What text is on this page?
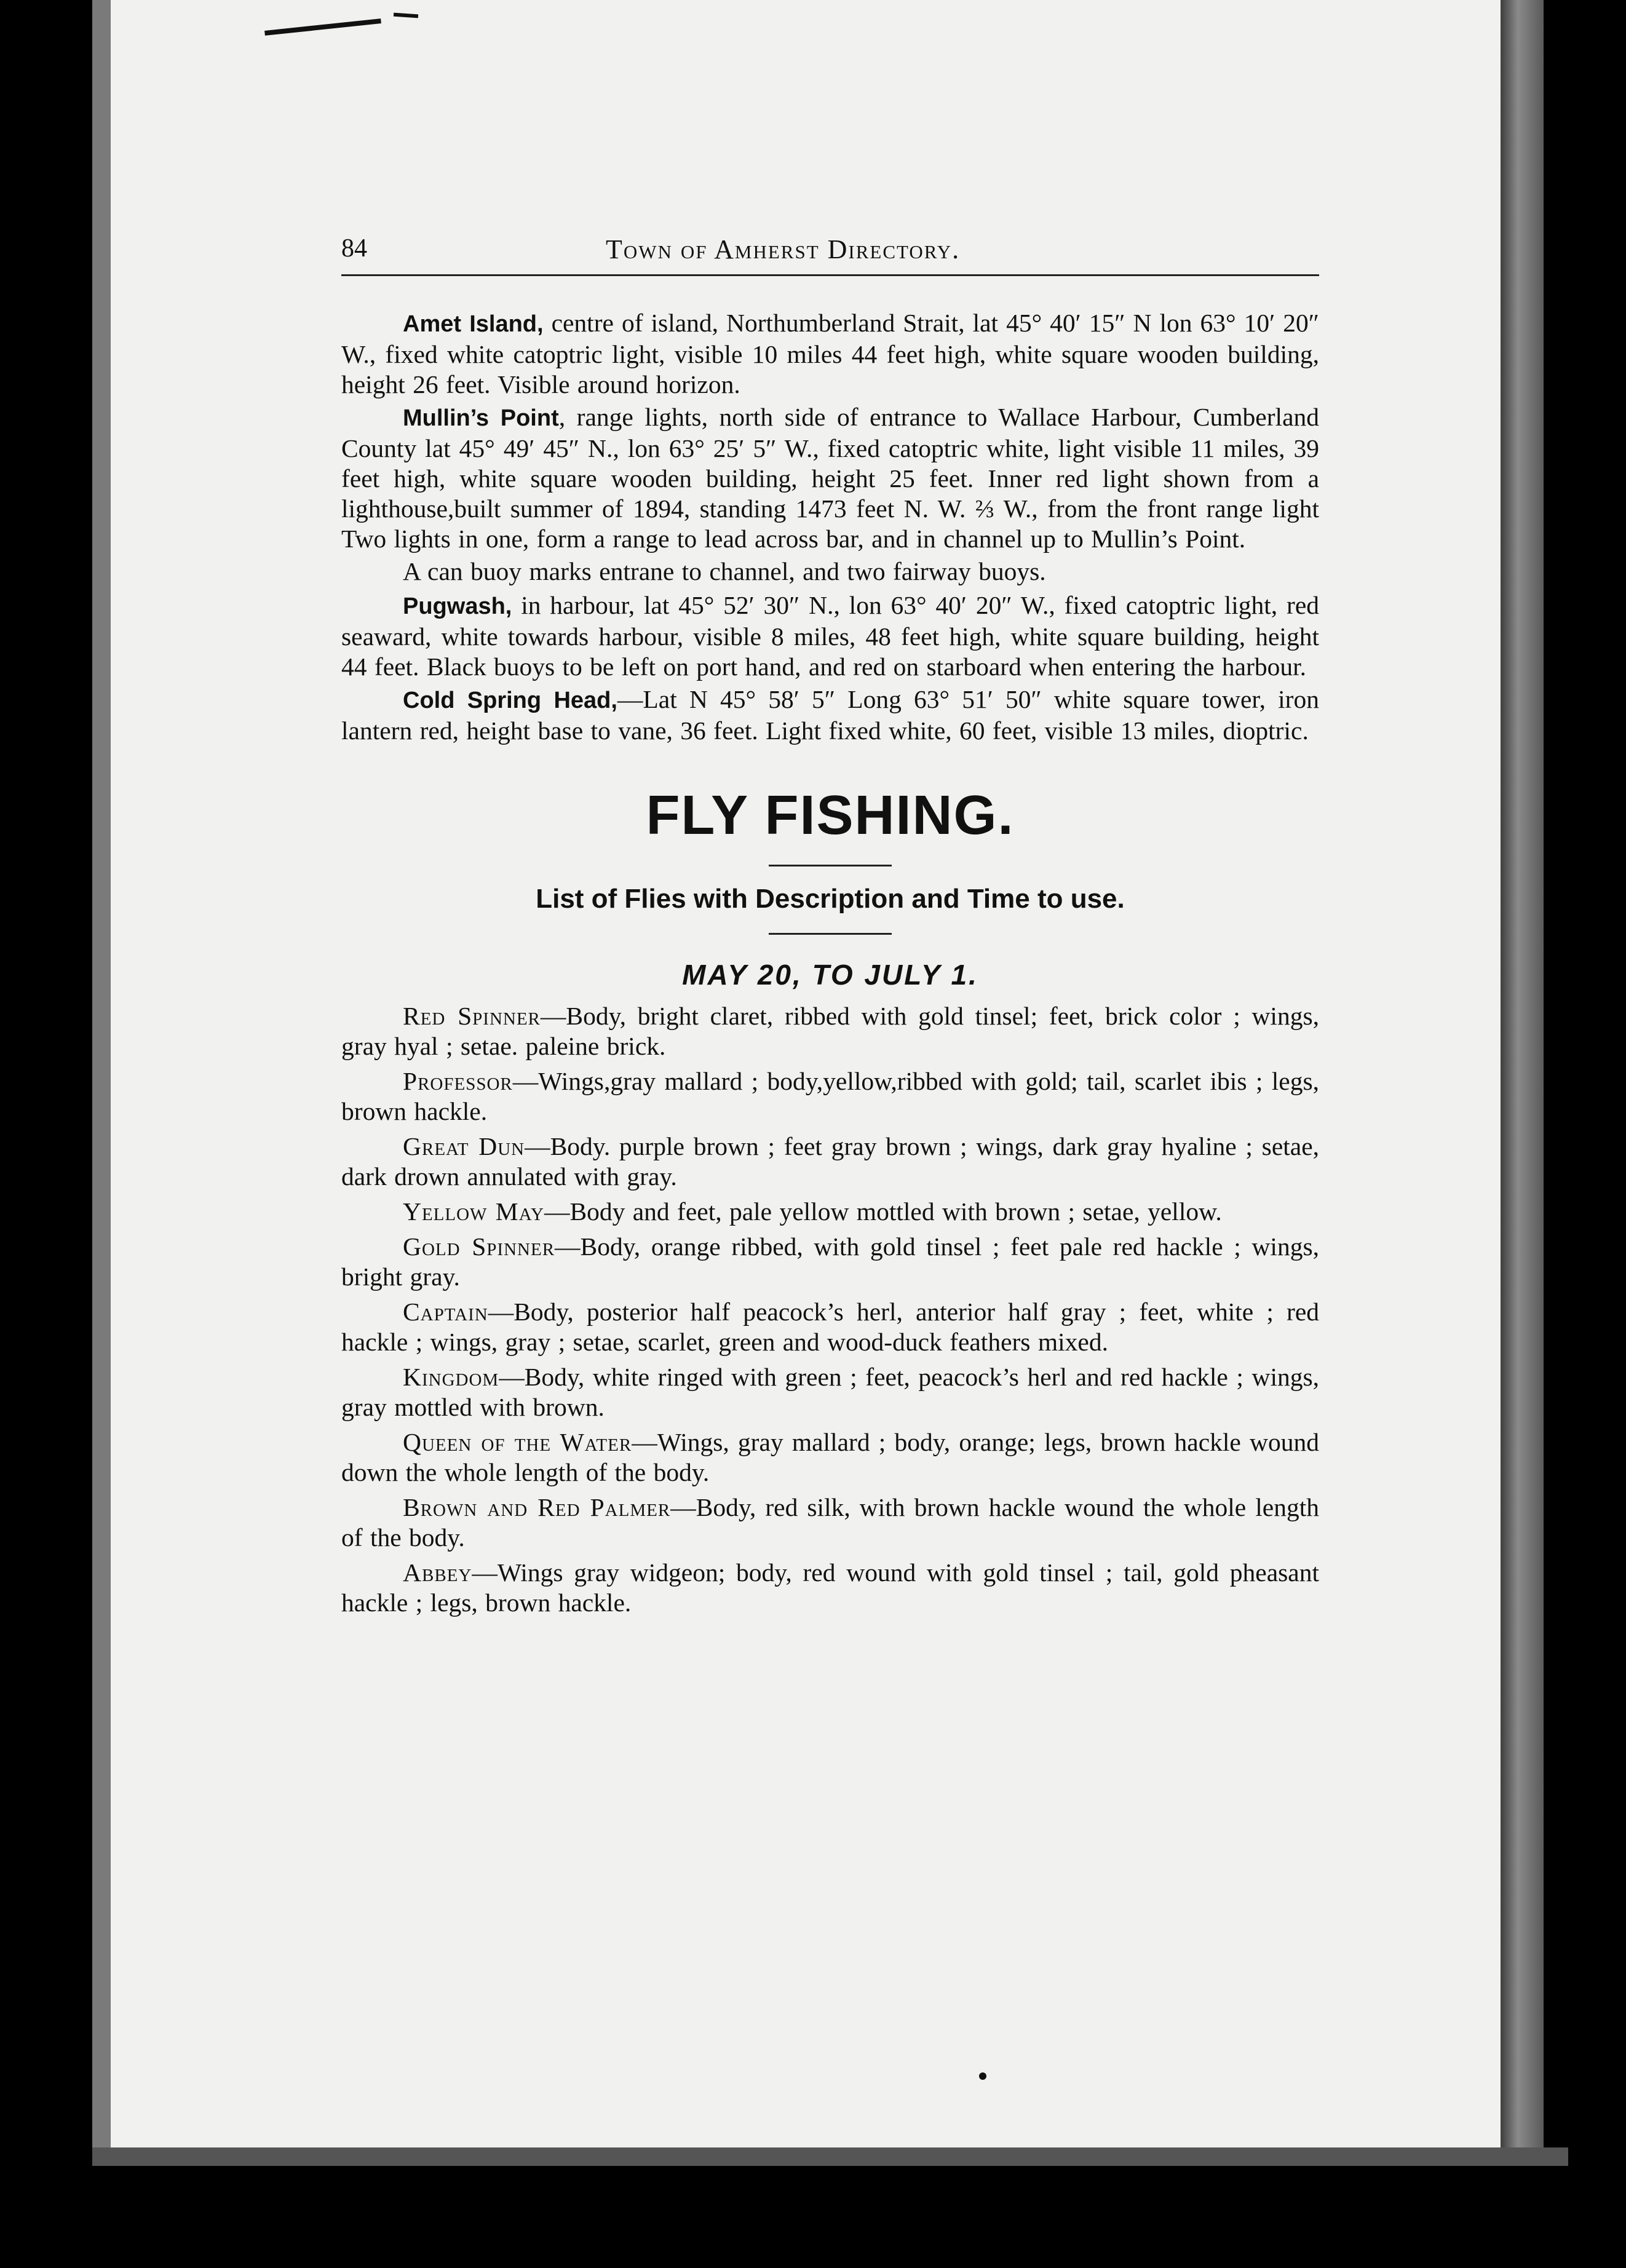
84	Town of Amherst Directory.

Amet Island, centre of island, Northumberland Strait, lat 45° 40′ 15″ N lon 63° 10′ 20″ W., fixed white catoptric light, visible 10 miles 44 feet high, white square wooden building, height 26 feet. Visible around horizon.

Mullin’s Point, range lights, north side of entrance to Wallace Harbour, Cumberland County lat 45° 49′ 45″ N., lon 63° 25′ 5″ W., fixed catoptric white, light visible 11 miles, 39 feet high, white square wooden building, height 25 feet. Inner red light shown from a lighthouse,built summer of 1894, standing 1473 feet N. W. ⅔ W., from the front range light Two lights in one, form a range to lead across bar, and in channel up to Mullin’s Point.

A can buoy marks entrane to channel, and two fairway buoys.

Pugwash, in harbour, lat 45° 52′ 30″ N., lon 63° 40′ 20″ W., fixed catoptric light, red seaward, white towards harbour, visible 8 miles, 48 feet high, white square building, height 44 feet. Black buoys to be left on port hand, and red on starboard when entering the harbour.

Cold Spring Head,—Lat N 45° 58′ 5″ Long 63° 51′ 50″ white square tower, iron lantern red, height base to vane, 36 feet. Light fixed white, 60 feet, visible 13 miles, dioptric.

FLY FISHING.
List of Flies with Description and Time to use.
MAY 20, TO JULY 1.

Red Spinner—Body, bright claret, ribbed with gold tinsel; feet, brick color ; wings, gray hyal ; setae. paleine brick.

Professor—Wings,gray mallard ; body,yellow,ribbed with gold; tail, scarlet ibis ; legs, brown hackle.

Great Dun—Body. purple brown ; feet gray brown ; wings, dark gray hyaline ; setae, dark drown annulated with gray.

Yellow May—Body and feet, pale yellow mottled with brown ; setae, yellow.

Gold Spinner—Body, orange ribbed, with gold tinsel ; feet pale red hackle ; wings, bright gray.

Captain—Body, posterior half peacock’s herl, anterior half gray ; feet, white ; red hackle ; wings, gray ; setae, scarlet, green and wood-duck feathers mixed.

Kingdom—Body, white ringed with green ; feet, peacock’s herl and red hackle ; wings, gray mottled with brown.

Queen of the Water—Wings, gray mallard ; body, orange; legs, brown hackle wound down the whole length of the body.

Brown and Red Palmer—Body, red silk, with brown hackle wound the whole length of the body.

Abbey—Wings gray widgeon; body, red wound with gold tinsel ; tail, gold pheasant hackle ; legs, brown hackle.
